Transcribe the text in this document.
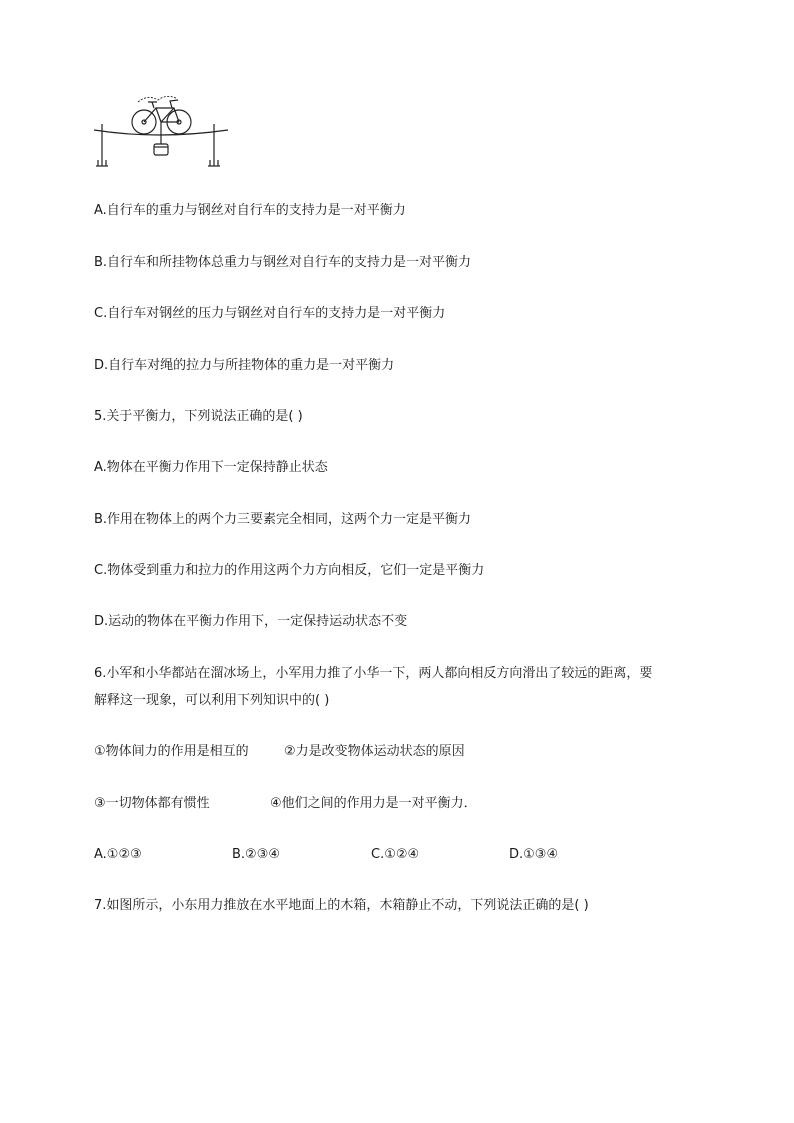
A.自行车的重力与钢丝对自行车的支持力是一对平衡力
B.自行车和所挂物体总重力与钢丝对自行车的支持力是一对平衡力
C.自行车对钢丝的压力与钢丝对自行车的支持力是一对平衡力
D.自行车对绳的拉力与所挂物体的重力是一对平衡力
5.关于平衡力，下列说法正确的是( )
A.物体在平衡力作用下一定保持静止状态
B.作用在物体上的两个力三要素完全相同，这两个力一定是平衡力
C.物体受到重力和拉力的作用这两个力方向相反，它们一定是平衡力
D.运动的物体在平衡力作用下，一定保持运动状态不变
6.小军和小华都站在溜冰场上，小军用力推了小华一下，两人都向相反方向滑出了较远的距离，要
解释这一现象，可以利用下列知识中的( )
①物体间力的作用是相互的	②力是改变物体运动状态的原因
③一切物体都有惯性	④他们之间的作用力是一对平衡力．
A.①②③	B.②③④	C.①②④	D.①③④
7.如图所示，小东用力推放在水平地面上的木箱，木箱静止不动，下列说法正确的是( )
